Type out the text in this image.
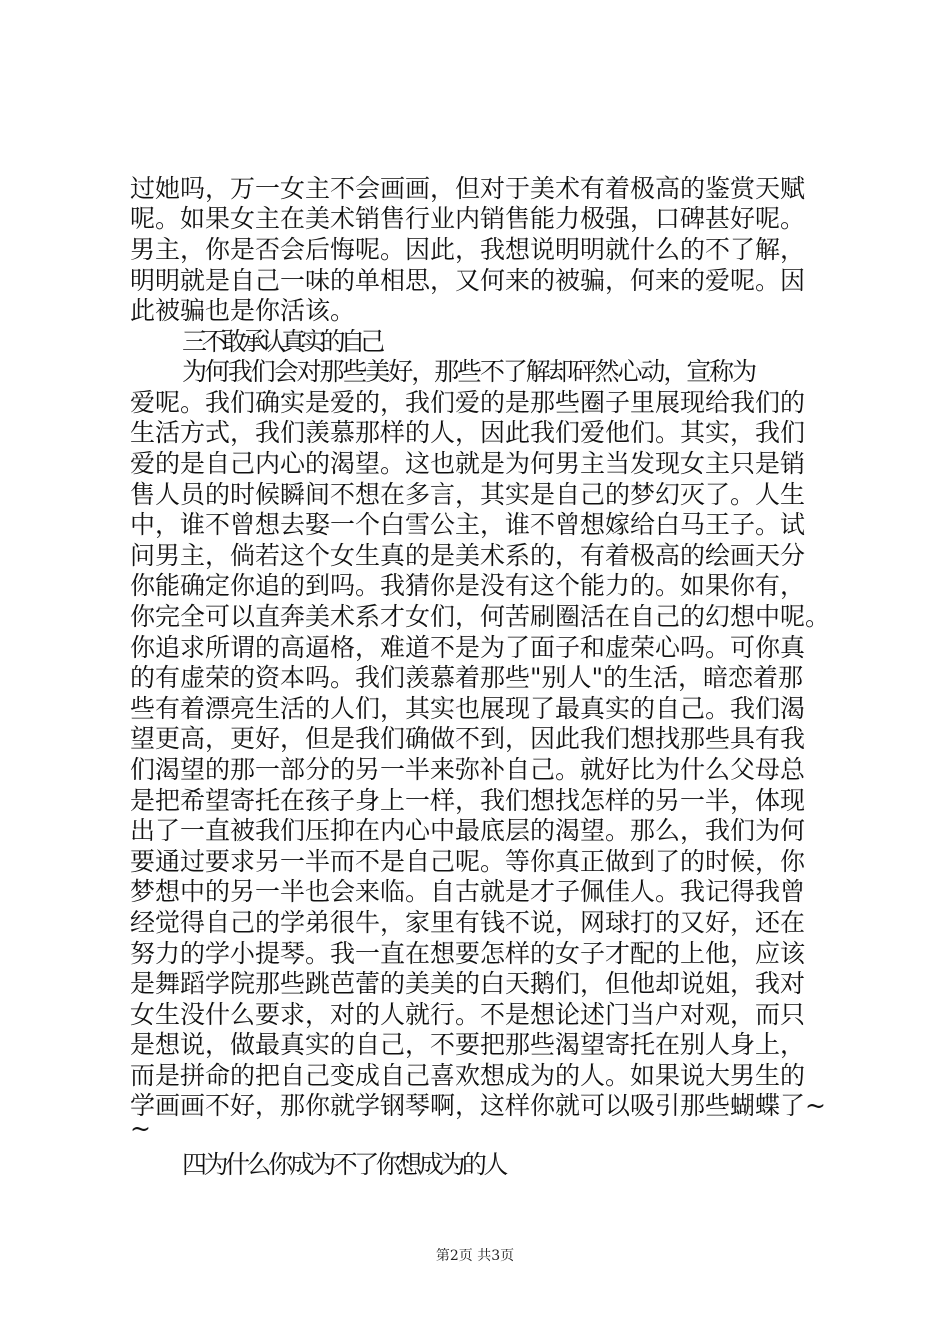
过她吗，万一女主不会画画，但对于美术有着极高的鉴赏天赋
呢。如果女主在美术销售行业内销售能力极强，口碑甚好呢。
男主，你是否会后悔呢。因此，我想说明明就什么的不了解，
明明就是自己一味的单相思，又何来的被骗，何来的爱呢。因
此被骗也是你活该。
三不敢承认真实的自己
为何我们会对那些美好，那些不了解却砰然心动，宣称为
爱呢。我们确实是爱的，我们爱的是那些圈子里展现给我们的
生活方式，我们羡慕那样的人，因此我们爱他们。其实，我们
爱的是自己内心的渴望。这也就是为何男主当发现女主只是销
售人员的时候瞬间不想在多言，其实是自己的梦幻灭了。人生
中，谁不曾想去娶一个白雪公主，谁不曾想嫁给白马王子。试
问男主，倘若这个女生真的是美术系的，有着极高的绘画天分
你能确定你追的到吗。我猜你是没有这个能力的。如果你有，
你完全可以直奔美术系才女们，何苦刷圈活在自己的幻想中呢。
你追求所谓的高逼格，难道不是为了面子和虚荣心吗。可你真
的有虚荣的资本吗。我们羡慕着那些"别人"的生活，暗恋着那
些有着漂亮生活的人们，其实也展现了最真实的自己。我们渴
望更高，更好，但是我们确做不到，因此我们想找那些具有我
们渴望的那一部分的另一半来弥补自己。就好比为什么父母总
是把希望寄托在孩子身上一样，我们想找怎样的另一半，体现
出了一直被我们压抑在内心中最底层的渴望。那么，我们为何
要通过要求另一半而不是自己呢。等你真正做到了的时候，你
梦想中的另一半也会来临。自古就是才子佩佳人。我记得我曾
经觉得自己的学弟很牛，家里有钱不说，网球打的又好，还在
努力的学小提琴。我一直在想要怎样的女子才配的上他，应该
是舞蹈学院那些跳芭蕾的美美的白天鹅们，但他却说姐，我对
女生没什么要求，对的人就行。不是想论述门当户对观，而只
是想说，做最真实的自己，不要把那些渴望寄托在别人身上，
而是拼命的把自己变成自己喜欢想成为的人。如果说大男生的
学画画不好，那你就学钢琴啊，这样你就可以吸引那些蝴蝶了~
~
四为什么你成为不了你想成为的人
第2页 共3页
